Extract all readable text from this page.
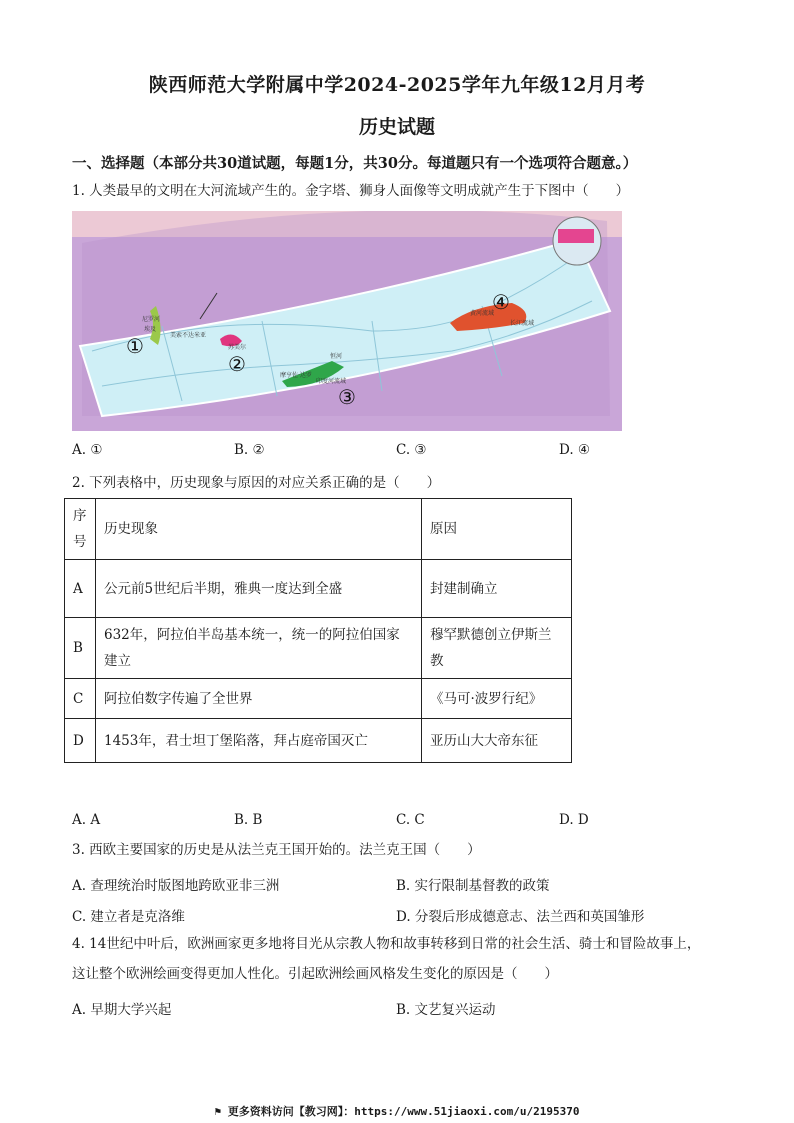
陕西师范大学附属中学2024-2025学年九年级12月月考
历史试题
一、选择题（本部分共30道试题，每题1分，共30分。每道题只有一个选项符合题意。）
1. 人类最早的文明在大河流域产生的。金字塔、狮身人面像等文明成就产生于下图中（　　）
尼罗河
埃及
美索不达米亚
苏美尔
恒河
摩亨佐·达罗
印度河流域
黄河流域
长江流域
①
②
③
④
A. ①	B. ②	C. ③	D. ④
2. 下列表格中，历史现象与原因的对应关系正确的是（　　）
序号	历史现象	原因
A	公元前5世纪后半期，雅典一度达到全盛	封建制确立
B	632年，阿拉伯半岛基本统一，统一的阿拉伯国家建立	穆罕默德创立伊斯兰教
C	阿拉伯数字传遍了全世界	《马可·波罗行纪》
D	1453年，君士坦丁堡陷落，拜占庭帝国灭亡	亚历山大大帝东征
A. A	B. B	C. C	D. D
3. 西欧主要国家的历史是从法兰克王国开始的。法兰克王国（　　）
A. 查理统治时版图地跨欧亚非三洲	B. 实行限制基督教的政策
C. 建立者是克洛维	D. 分裂后形成德意志、法兰西和英国雏形
4. 14世纪中叶后，欧洲画家更多地将目光从宗教人物和故事转移到日常的社会生活、骑士和冒险故事上，
这让整个欧洲绘画变得更加人性化。引起欧洲绘画风格发生变化的原因是（　　）
A. 早期大学兴起	B. 文艺复兴运动
⚑ 更多资料访问【教习网】：https://www.51jiaoxi.com/u/2195370
